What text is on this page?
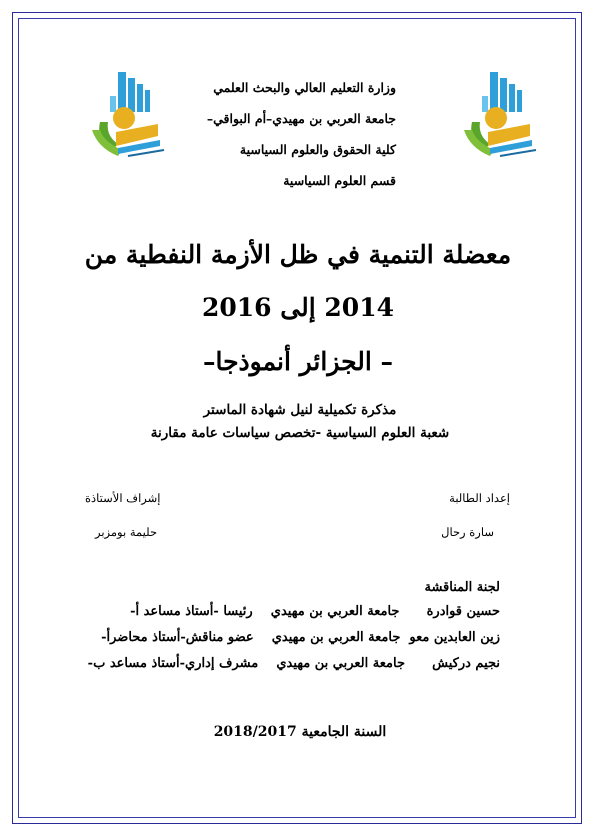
وزارة التعليم العالي والبحث العلمي
جامعة العربي بن مهيدي–أم البواقي–
كلية الحقوق والعلوم السياسية
قسم العلوم السياسية
معضلة التنمية في ظل الأزمة النفطية من
2014 إلى 2016
– الجزائر أنموذجا–
مذكرة تكميلية لنيل شهادة الماستر
شعبة العلوم السياسية -تخصص سياسات عامة مقارنة
إعداد الطالبة
سارة رحال
إشراف الأستاذة
حليمة بومزبر
لجنة المناقشة
حسين قوادرة      جامعة العربي بن مهيدي    رئيسا -أستاذ مساعد أ-
زين العابدين معو  جامعة العربي بن مهيدي    عضو مناقش-أستاذ محاضرأ-
نجيم دركيش      جامعة العربي بن مهيدي    مشرف إداري-أستاذ مساعد ب-
السنة الجامعية 2018/2017
